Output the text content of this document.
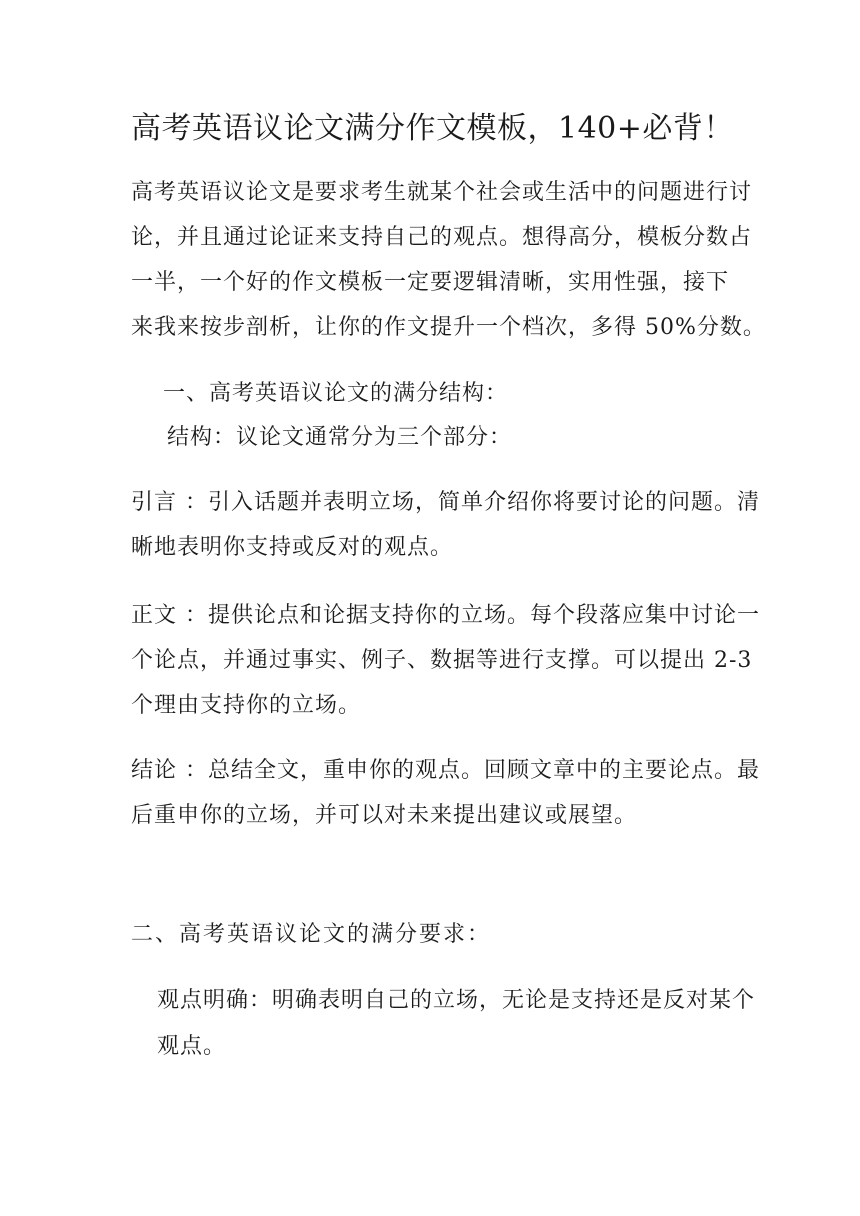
高考英语议论文满分作文模板，140+必背！
高考英语议论文是要求考生就某个社会或生活中的问题进行讨
论，并且通过论证来支持自己的观点。想得高分，模板分数占
一半，一个好的作文模板一定要逻辑清晰，实用性强，接下
来我来按步剖析，让你的作文提升一个档次，多得 50%分数。
一、高考英语议论文的满分结构：
结构：议论文通常分为三个部分：
引言 ：引入话题并表明立场，简单介绍你将要讨论的问题。清
晰地表明你支持或反对的观点。
正文 ：提供论点和论据支持你的立场。每个段落应集中讨论一
个论点，并通过事实、例子、数据等进行支撑。可以提出 2-3
个理由支持你的立场。
结论 ：总结全文，重申你的观点。回顾文章中的主要论点。最
后重申你的立场，并可以对未来提出建议或展望。
二、高考英语议论文的满分要求：
观点明确：明确表明自己的立场，无论是支持还是反对某个
观点。
